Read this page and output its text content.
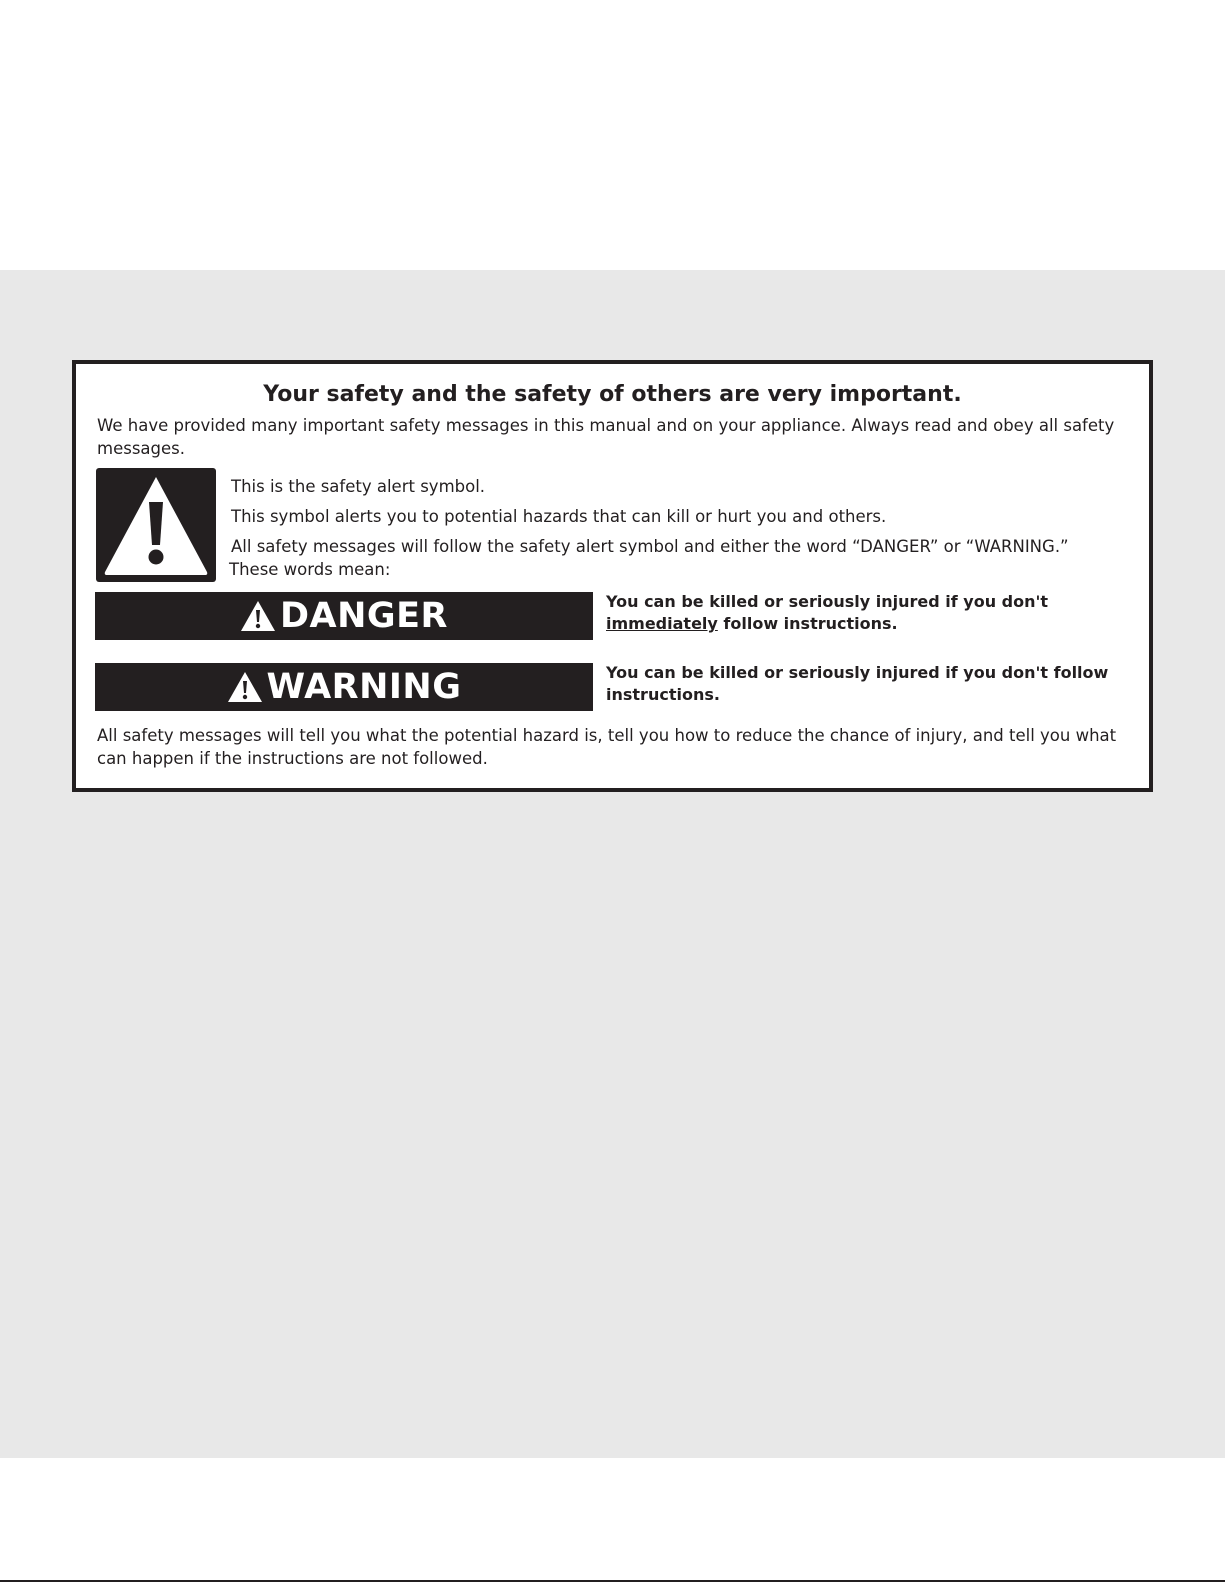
Your safety and the safety of others are very important.

We have provided many important safety messages in this manual and on your appliance. Always read and obey all safety messages.

This is the safety alert symbol.
This symbol alerts you to potential hazards that can kill or hurt you and others.
All safety messages will follow the safety alert symbol and either the word “DANGER” or “WARNING.”
These words mean:
DANGER	You can be killed or seriously injured if you don't immediately follow instructions.

WARNING	You can be killed or seriously injured if you don't follow instructions.

All safety messages will tell you what the potential hazard is, tell you how to reduce the chance of injury, and tell you what can happen if the instructions are not followed.
